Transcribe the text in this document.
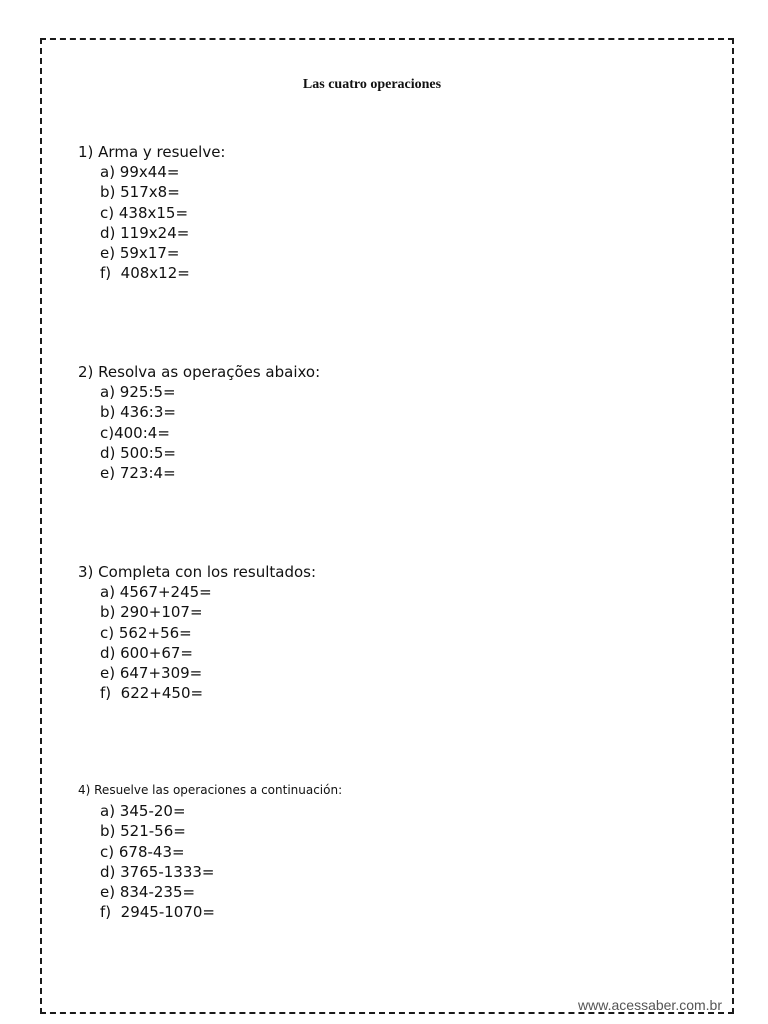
Las cuatro operaciones
1) Arma y resuelve:
a) 99x44=
b) 517x8=
c) 438x15=
d) 119x24=
e) 59x17=
f)  408x12=
2) Resolva as operações abaixo:
a) 925:5=
b) 436:3=
c)400:4=
d) 500:5=
e) 723:4=
3) Completa con los resultados:
a) 4567+245=
b) 290+107=
c) 562+56=
d) 600+67=
e) 647+309=
f)  622+450=
4) Resuelve las operaciones a continuación:
a) 345-20=
b) 521-56=
c) 678-43=
d) 3765-1333=
e) 834-235=
f)  2945-1070=
www.acessaber.com.br
